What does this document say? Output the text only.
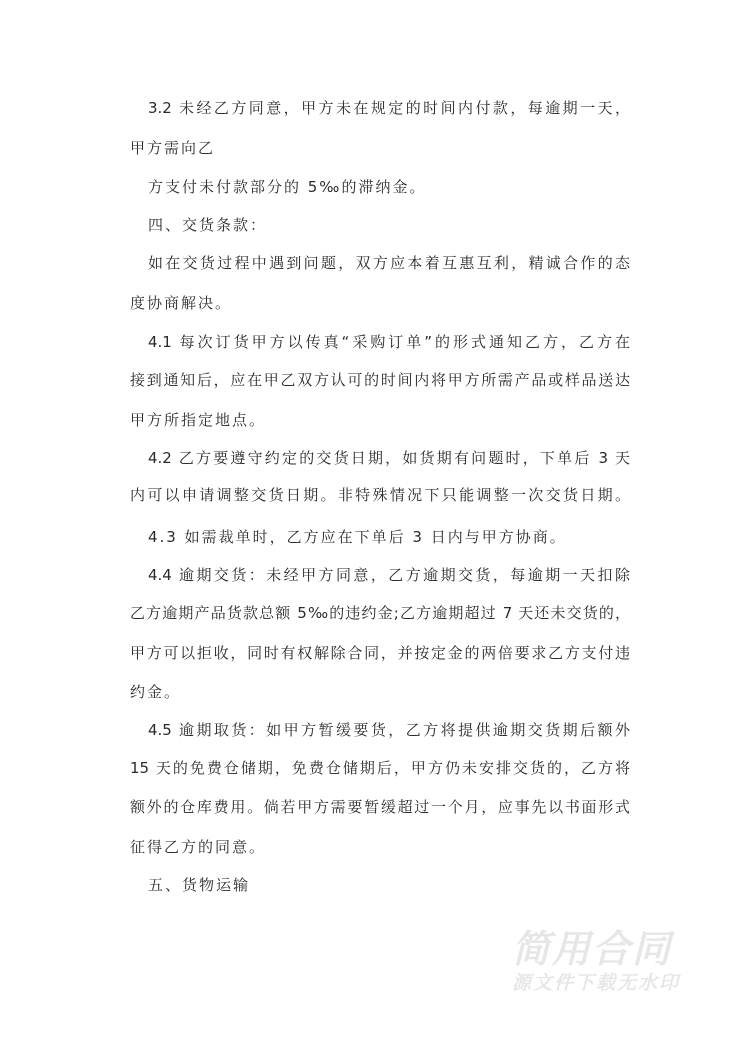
3.2 未经乙方同意，甲方未在规定的时间内付款，每逾期一天，
甲方需向乙
方支付未付款部分的 5‰的滞纳金。
四、交货条款：
如在交货过程中遇到问题，双方应本着互惠互利，精诚合作的态
度协商解决。
4.1 每次订货甲方以传真“采购订单”的形式通知乙方，乙方在
接到通知后，应在甲乙双方认可的时间内将甲方所需产品或样品送达
甲方所指定地点。
4.2 乙方要遵守约定的交货日期，如货期有问题时，下单后 3 天
内可以申请调整交货日期。非特殊情况下只能调整一次交货日期。
4.3 如需裁单时，乙方应在下单后 3 日内与甲方协商。
4.4 逾期交货：未经甲方同意，乙方逾期交货，每逾期一天扣除
乙方逾期产品货款总额 5‰的违约金;乙方逾期超过 7 天还未交货的，
甲方可以拒收，同时有权解除合同，并按定金的两倍要求乙方支付违
约金。
4.5 逾期取货：如甲方暂缓要货，乙方将提供逾期交货期后额外
15 天的免费仓储期，免费仓储期后，甲方仍未安排交货的，乙方将
额外的仓库费用。倘若甲方需要暂缓超过一个月，应事先以书面形式
征得乙方的同意。
五、货物运输
简用合同
源文件下载无水印
